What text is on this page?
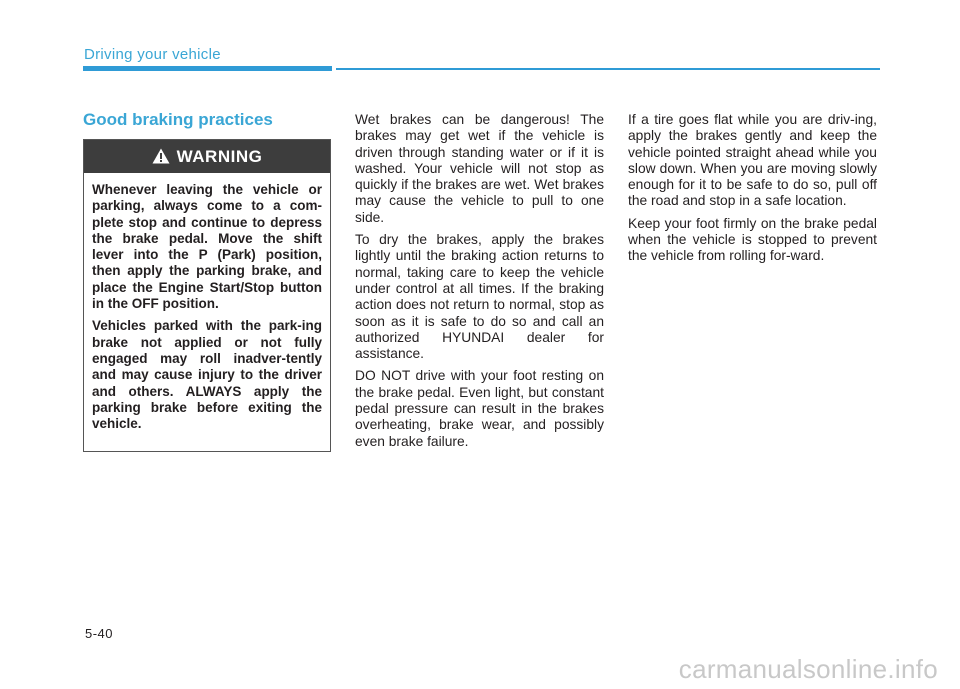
Driving your vehicle
Good braking practices
WARNING

Whenever leaving the vehicle or parking, always come to a com-plete stop and continue to depress the brake pedal. Move the shift lever into the P (Park) position, then apply the parking brake, and place the Engine Start/Stop button in the OFF position.

Vehicles parked with the park-ing brake not applied or not fully engaged may roll inadver-tently and may cause injury to the driver and others. ALWAYS apply the parking brake before exiting the vehicle.

Wet brakes can be dangerous! The brakes may get wet if the vehicle is driven through standing water or if it is washed. Your vehicle will not stop as quickly if the brakes are wet. Wet brakes may cause the vehicle to pull to one side.

To dry the brakes, apply the brakes lightly until the braking action returns to normal, taking care to keep the vehicle under control at all times. If the braking action does not return to normal, stop as soon as it is safe to do so and call an authorized HYUNDAI dealer for assistance.

DO NOT drive with your foot resting on the brake pedal. Even light, but constant pedal pressure can result in the brakes overheating, brake wear, and possibly even brake failure.

If a tire goes flat while you are driv-ing, apply the brakes gently and keep the vehicle pointed straight ahead while you slow down. When you are moving slowly enough for it to be safe to do so, pull off the road and stop in a safe location.

Keep your foot firmly on the brake pedal when the vehicle is stopped to prevent the vehicle from rolling for-ward.

5-40
carmanualsonline.info
